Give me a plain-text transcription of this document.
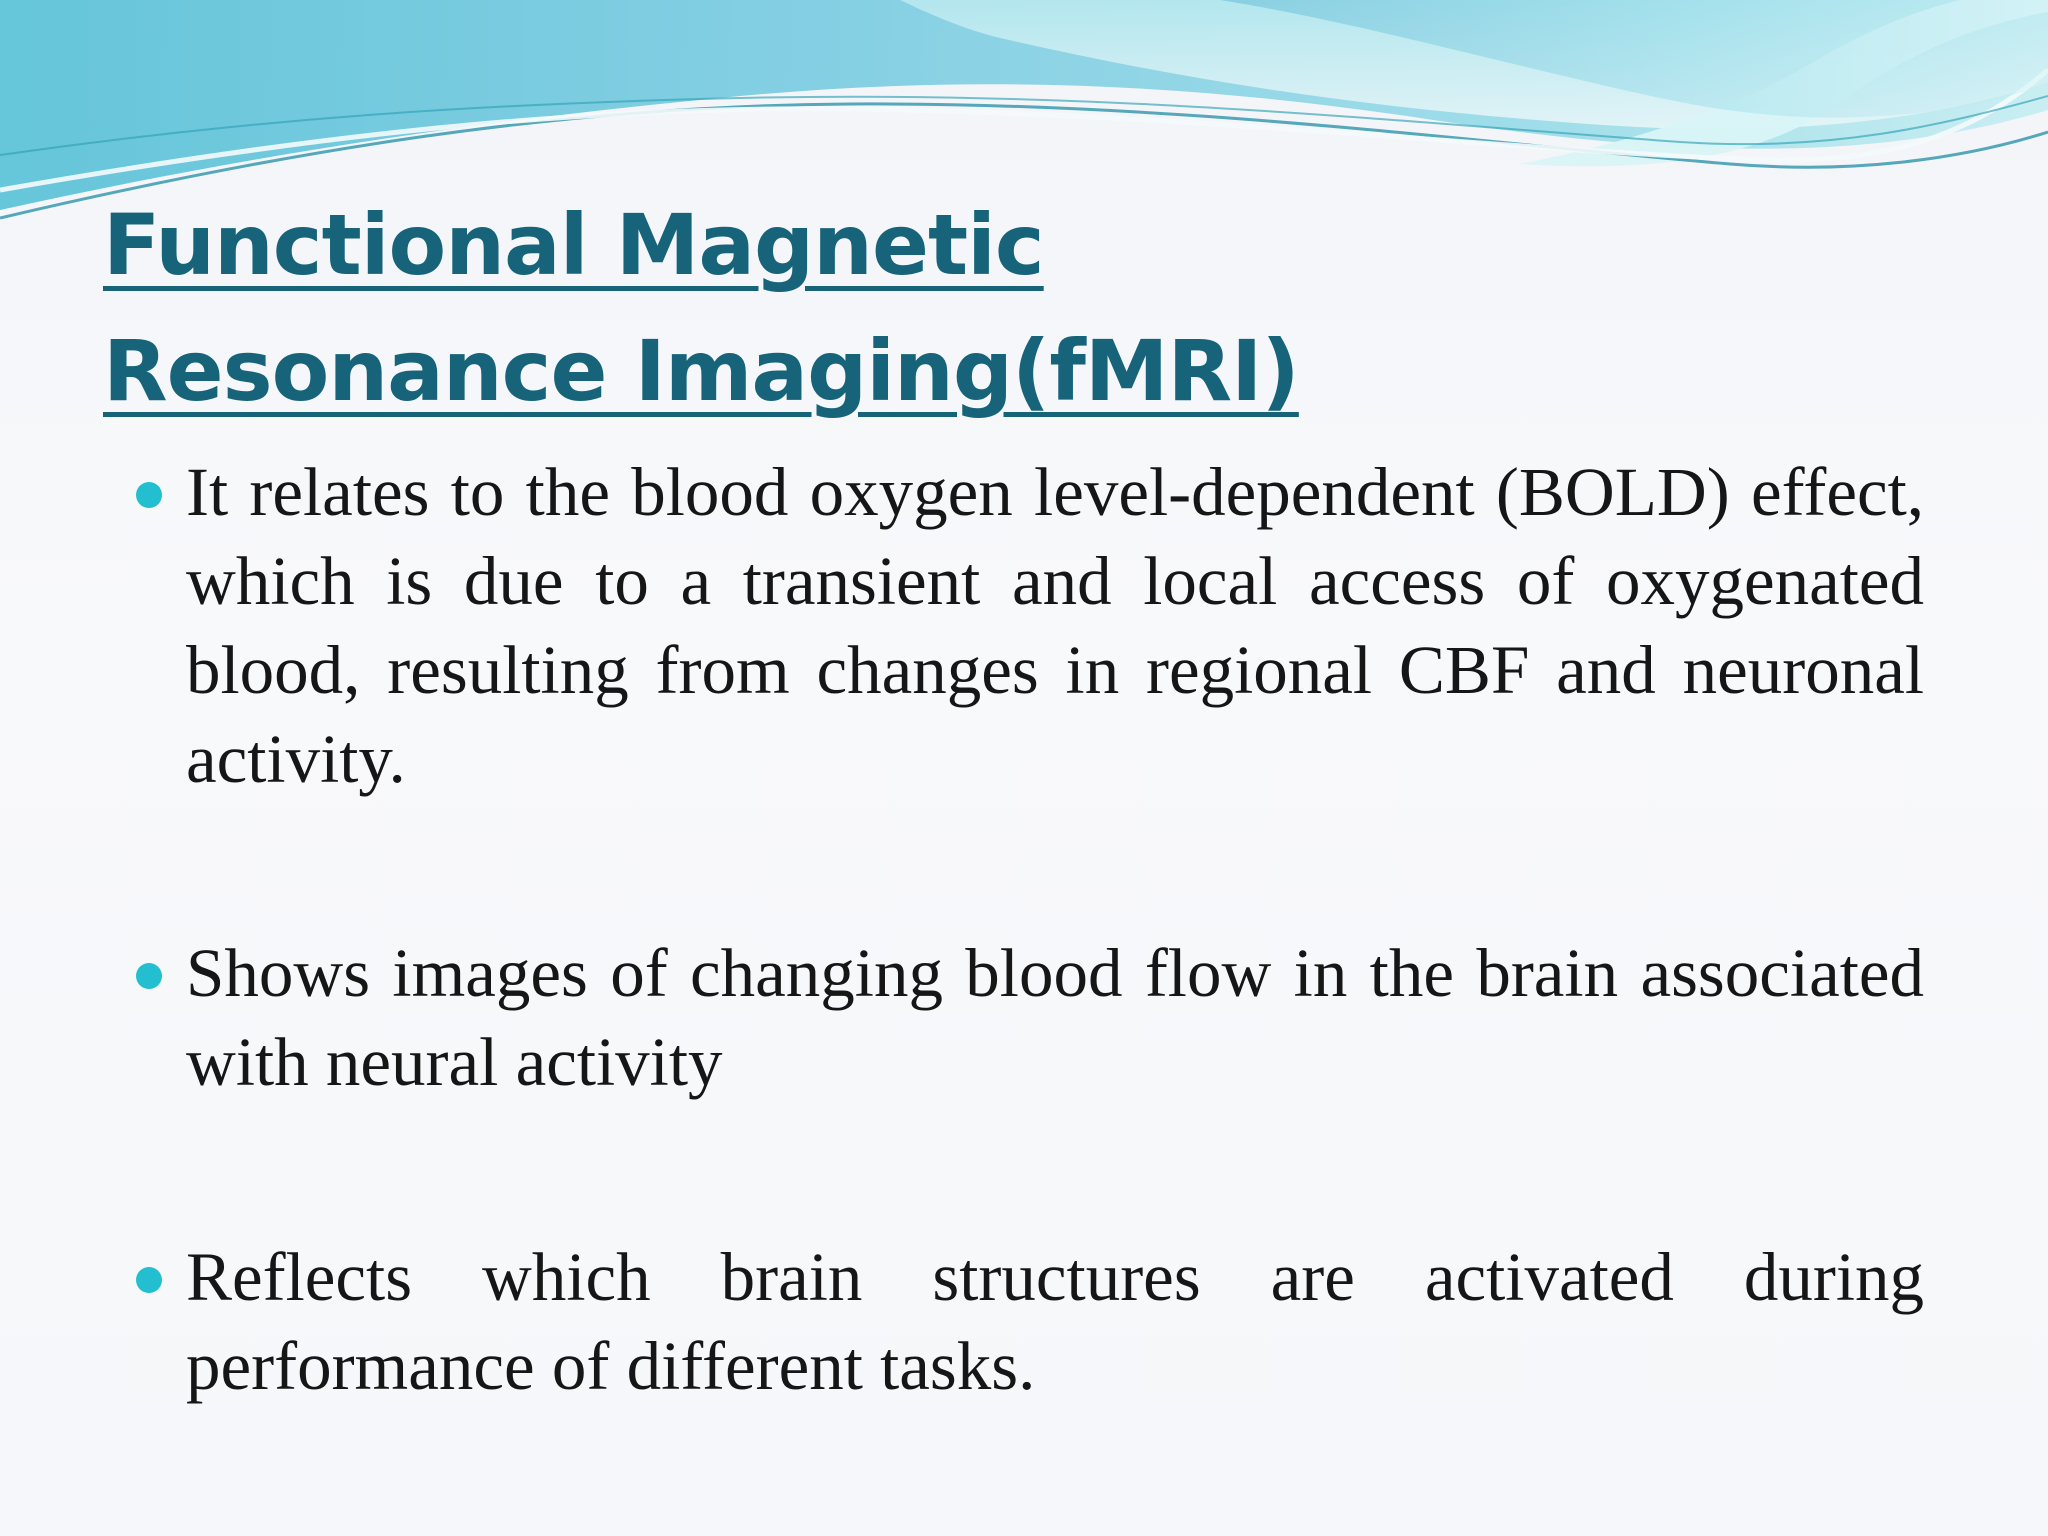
Functional Magnetic Resonance Imaging(fMRI)

It relates to the blood oxygen level-dependent (BOLD) effect, which is due to a transient and local access of oxygenated blood, resulting from changes in regional CBF and neuronal activity.

Shows images of changing blood flow in the brain associated with neural activity

Reflects which brain structures are activated during performance of different tasks.
